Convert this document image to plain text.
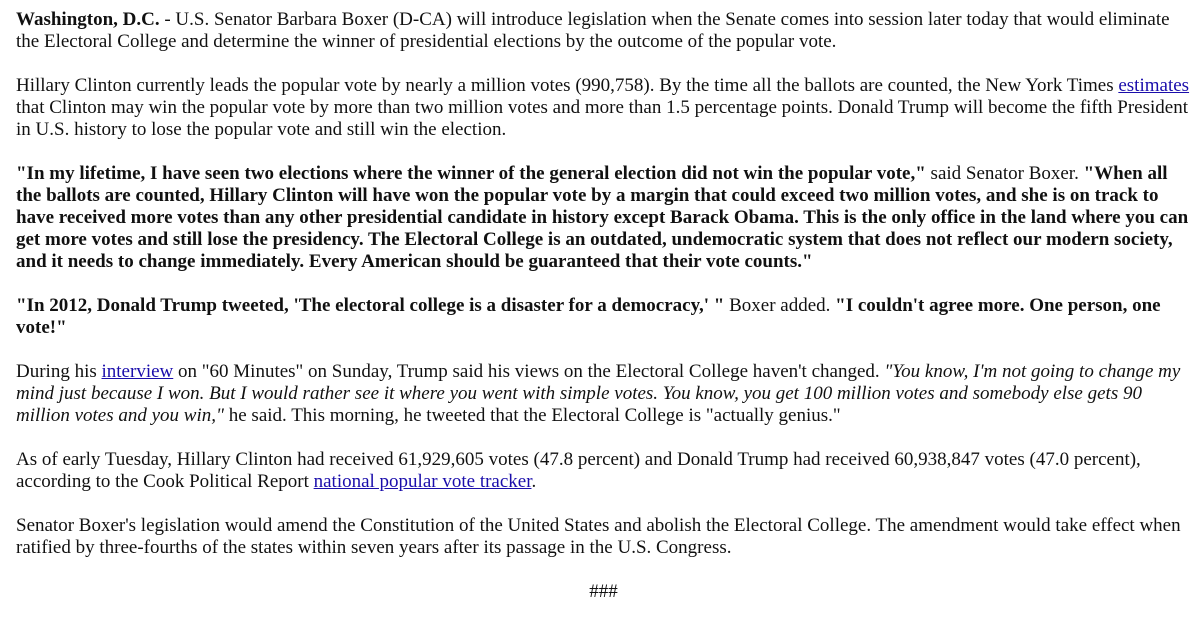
Washington, D.C. - U.S. Senator Barbara Boxer (D-CA) will introduce legislation when the Senate comes into session later today that would eliminate the Electoral College and determine the winner of presidential elections by the outcome of the popular vote.

Hillary Clinton currently leads the popular vote by nearly a million votes (990,758). By the time all the ballots are counted, the New York Times estimates that Clinton may win the popular vote by more than two million votes and more than 1.5 percentage points. Donald Trump will become the fifth President in U.S. history to lose the popular vote and still win the election.

"In my lifetime, I have seen two elections where the winner of the general election did not win the popular vote," said Senator Boxer. "When all the ballots are counted, Hillary Clinton will have won the popular vote by a margin that could exceed two million votes, and she is on track to have received more votes than any other presidential candidate in history except Barack Obama. This is the only office in the land where you can get more votes and still lose the presidency. The Electoral College is an outdated, undemocratic system that does not reflect our modern society, and it needs to change immediately. Every American should be guaranteed that their vote counts."

"In 2012, Donald Trump tweeted, 'The electoral college is a disaster for a democracy,' " Boxer added. "I couldn't agree more. One person, one vote!"

During his interview on "60 Minutes" on Sunday, Trump said his views on the Electoral College haven't changed. "You know, I'm not going to change my mind just because I won. But I would rather see it where you went with simple votes. You know, you get 100 million votes and somebody else gets 90 million votes and you win," he said. This morning, he tweeted that the Electoral College is "actually genius."

As of early Tuesday, Hillary Clinton had received 61,929,605 votes (47.8 percent) and Donald Trump had received 60,938,847 votes (47.0 percent), according to the Cook Political Report national popular vote tracker.

Senator Boxer's legislation would amend the Constitution of the United States and abolish the Electoral College. The amendment would take effect when ratified by three-fourths of the states within seven years after its passage in the U.S. Congress.

###
